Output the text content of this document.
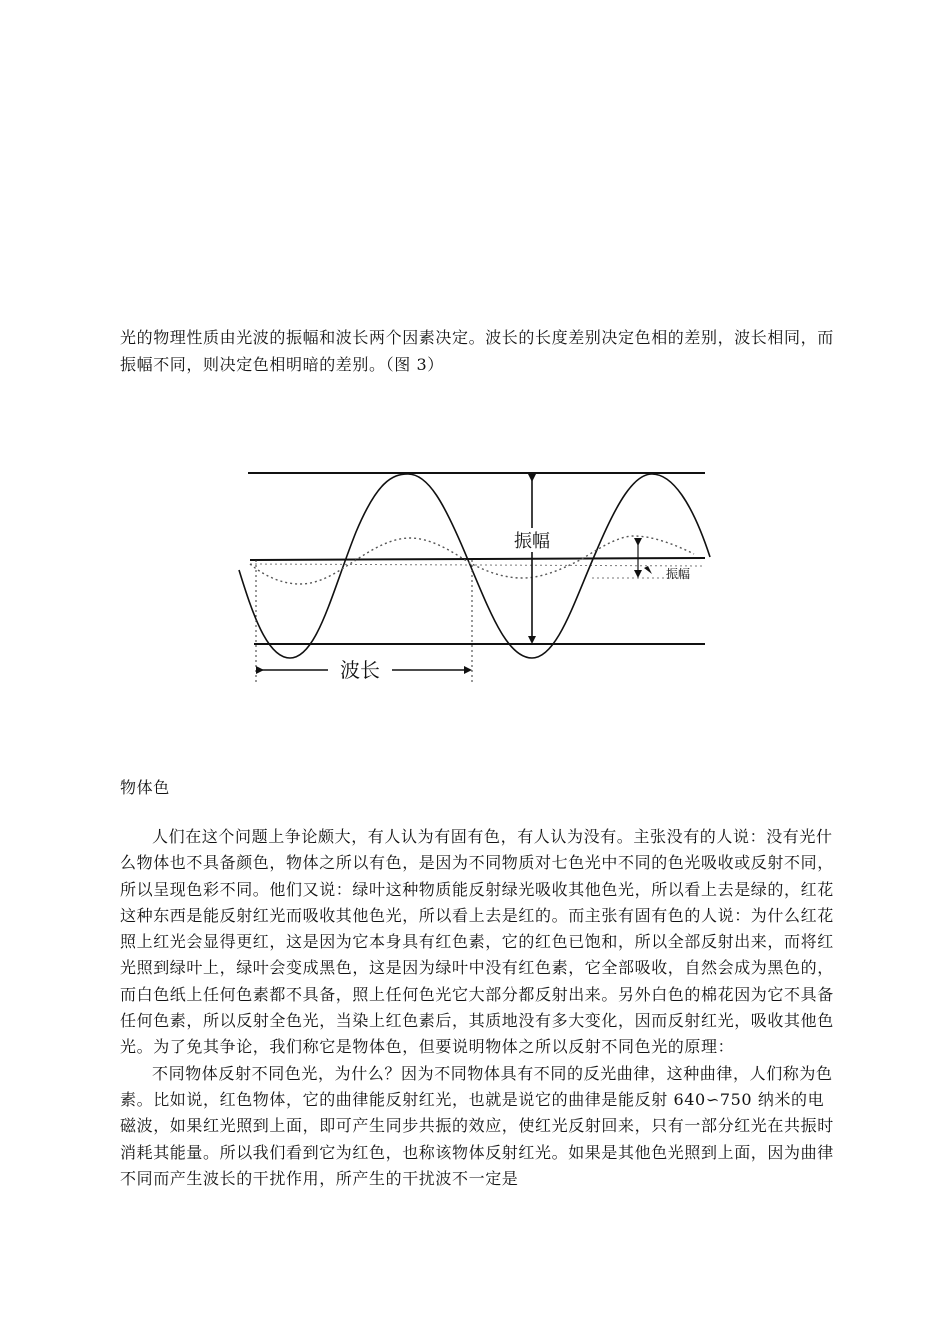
光的物理性质由光波的振幅和波长两个因素决定。波长的长度差别决定色相的差别，波长相同，而振幅不同，则决定色相明暗的差别。（图 3）

振幅
振幅
波长
物体色

人们在这个问题上争论颇大，有人认为有固有色，有人认为没有。主张没有的人说：没有光什么物体也不具备颜色，物体之所以有色，是因为不同物质对七色光中不同的色光吸收或反射不同，所以呈现色彩不同。他们又说：绿叶这种物质能反射绿光吸收其他色光，所以看上去是绿的，红花这种东西是能反射红光而吸收其他色光，所以看上去是红的。而主张有固有色的人说：为什么红花照上红光会显得更红，这是因为它本身具有红色素，它的红色已饱和，所以全部反射出来，而将红光照到绿叶上，绿叶会变成黑色，这是因为绿叶中没有红色素，它全部吸收，自然会成为黑色的，而白色纸上任何色素都不具备，照上任何色光它大部分都反射出来。另外白色的棉花因为它不具备任何色素，所以反射全色光，当染上红色素后，其质地没有多大变化，因而反射红光，吸收其他色光。为了免其争论，我们称它是物体色，但要说明物体之所以反射不同色光的原理：

不同物体反射不同色光，为什么？因为不同物体具有不同的反光曲律，这种曲律，人们称为色素。比如说，红色物体，它的曲律能反射红光，也就是说它的曲律是能反射 640∽750 纳米的电磁波，如果红光照到上面，即可产生同步共振的效应，使红光反射回来，只有一部分红光在共振时消耗其能量。所以我们看到它为红色，也称该物体反射红光。如果是其他色光照到上面，因为曲律不同而产生波长的干扰作用，所产生的干扰波不一定是
